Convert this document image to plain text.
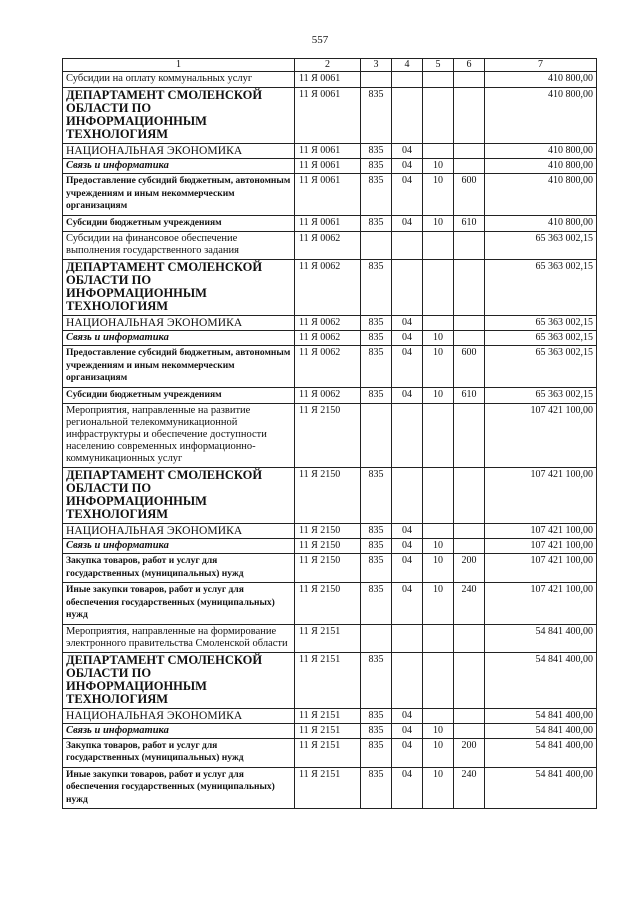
557
1	2	3	4	5	6	7
Субсидии на оплату коммунальных услуг	11 Я 0061					410 800,00
ДЕПАРТАМЕНТ СМОЛЕНСКОЙ ОБЛАСТИ ПО ИНФОРМАЦИОННЫМ ТЕХНОЛОГИЯМ	11 Я 0061	835				410 800,00
НАЦИОНАЛЬНАЯ ЭКОНОМИКА	11 Я 0061	835	04			410 800,00
Связь и информатика	11 Я 0061	835	04	10		410 800,00
Предоставление субсидий бюджетным, автономным учреждениям и иным некоммерческим организациям	11 Я 0061	835	04	10	600	410 800,00
Субсидии бюджетным учреждениям	11 Я 0061	835	04	10	610	410 800,00
Субсидии на финансовое обеспечение выполнения государственного задания	11 Я 0062					65 363 002,15
ДЕПАРТАМЕНТ СМОЛЕНСКОЙ ОБЛАСТИ ПО ИНФОРМАЦИОННЫМ ТЕХНОЛОГИЯМ	11 Я 0062	835				65 363 002,15
НАЦИОНАЛЬНАЯ ЭКОНОМИКА	11 Я 0062	835	04			65 363 002,15
Связь и информатика	11 Я 0062	835	04	10		65 363 002,15
Предоставление субсидий бюджетным, автономным учреждениям и иным некоммерческим организациям	11 Я 0062	835	04	10	600	65 363 002,15
Субсидии бюджетным учреждениям	11 Я 0062	835	04	10	610	65 363 002,15
Мероприятия, направленные на развитие региональной телекоммуникационной инфраструктуры и обеспечение доступности населению современных информационно-коммуникационных услуг	11 Я 2150					107 421 100,00
ДЕПАРТАМЕНТ СМОЛЕНСКОЙ ОБЛАСТИ ПО ИНФОРМАЦИОННЫМ ТЕХНОЛОГИЯМ	11 Я 2150	835				107 421 100,00
НАЦИОНАЛЬНАЯ ЭКОНОМИКА	11 Я 2150	835	04			107 421 100,00
Связь и информатика	11 Я 2150	835	04	10		107 421 100,00
Закупка товаров, работ и услуг для государственных (муниципальных) нужд	11 Я 2150	835	04	10	200	107 421 100,00
Иные закупки товаров, работ и услуг для обеспечения государственных (муниципальных) нужд	11 Я 2150	835	04	10	240	107 421 100,00
Мероприятия, направленные на формирование электронного правительства Смоленской области	11 Я 2151					54 841 400,00
ДЕПАРТАМЕНТ СМОЛЕНСКОЙ ОБЛАСТИ ПО ИНФОРМАЦИОННЫМ ТЕХНОЛОГИЯМ	11 Я 2151	835				54 841 400,00
НАЦИОНАЛЬНАЯ ЭКОНОМИКА	11 Я 2151	835	04			54 841 400,00
Связь и информатика	11 Я 2151	835	04	10		54 841 400,00
Закупка товаров, работ и услуг для государственных (муниципальных) нужд	11 Я 2151	835	04	10	200	54 841 400,00
Иные закупки товаров, работ и услуг для обеспечения государственных (муниципальных) нужд	11 Я 2151	835	04	10	240	54 841 400,00
